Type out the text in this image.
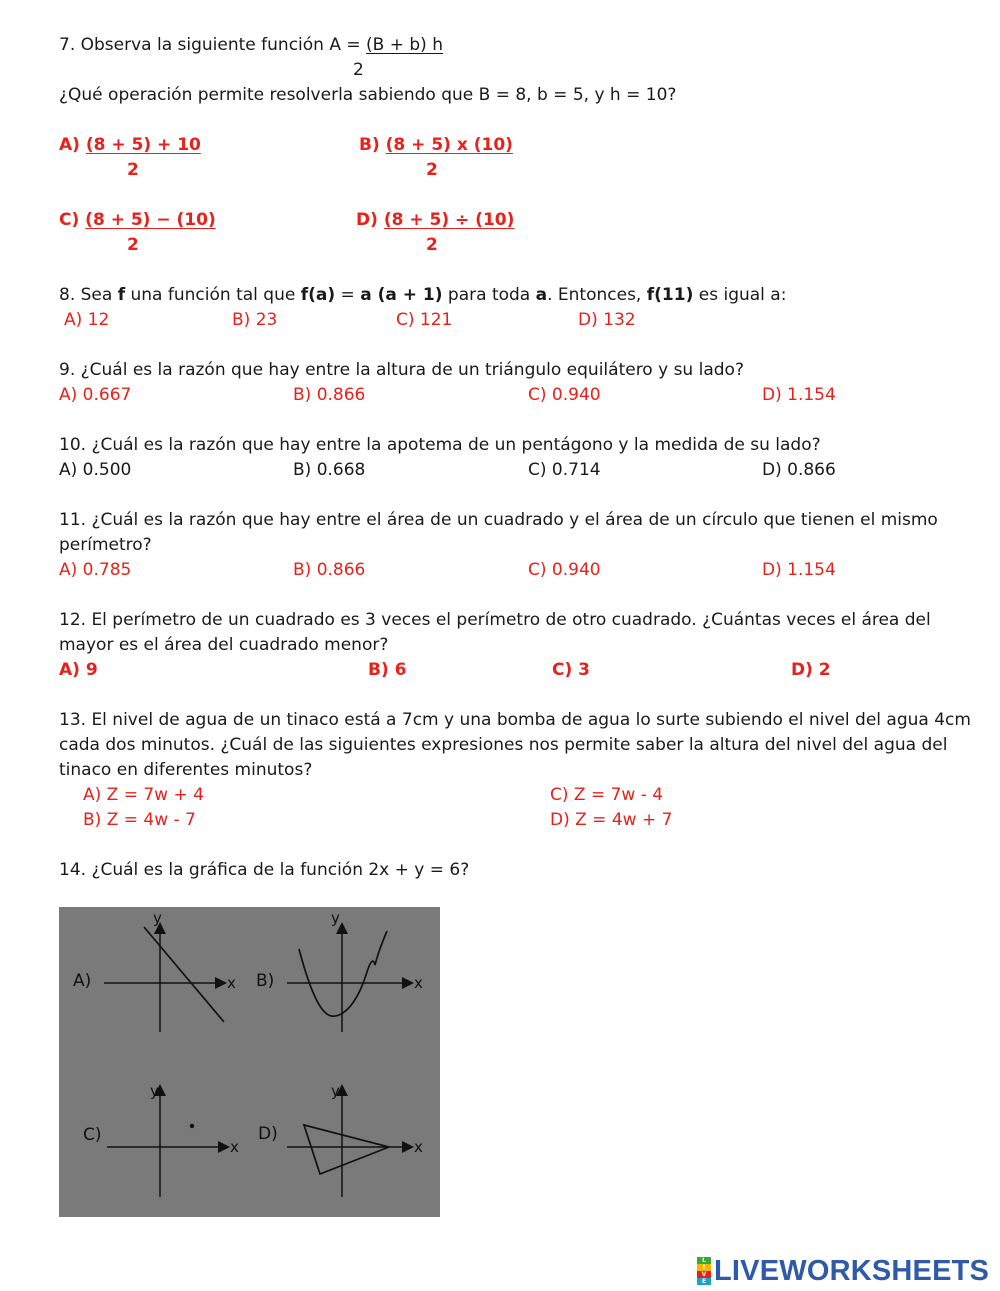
7. Observa la siguiente función A = (B + b) h
2
¿Qué operación permite resolverla sabiendo que B = 8, b = 5, y h = 10?
A) (8 + 5) + 10
2
B) (8 + 5) x (10)
2
C) (8 + 5) − (10)
2
D) (8 + 5) ÷ (10)
2
8. Sea f una función tal que f(a) = a (a + 1) para toda a. Entonces, f(11) es igual a:
A) 12	B) 23	C) 121	D) 132
9. ¿Cuál es la razón que hay entre la altura de un triángulo equilátero y su lado?
A) 0.667	B) 0.866	C) 0.940	D) 1.154
10. ¿Cuál es la razón que hay entre la apotema de un pentágono y la medida de su lado?
A) 0.500	B) 0.668	C) 0.714	D) 0.866
11. ¿Cuál es la razón que hay entre el área de un cuadrado y el área de un círculo que tienen el mismo
perímetro?
A) 0.785	B) 0.866	C) 0.940	D) 1.154
12. El perímetro de un cuadrado es 3 veces el perímetro de otro cuadrado. ¿Cuántas veces el área del
mayor es el área del cuadrado menor?
A) 9	B) 6	C) 3	D) 2
13. El nivel de agua de un tinaco está a 7cm y una bomba de agua lo surte subiendo el nivel del agua 4cm
cada dos minutos. ¿Cuál de las siguientes expresiones nos permite saber la altura del nivel del agua del
tinaco en diferentes minutos?
A) Z = 7w + 4
B) Z = 4w - 7
C) Z = 7w - 4
D) Z = 4w + 7
14. ¿Cuál es la gráfica de la función 2x + y = 6?
A)	x
y
B)	x
y
C)
x
y
D)
x
y
L
I
V
E LIVEWORKSHEETS
